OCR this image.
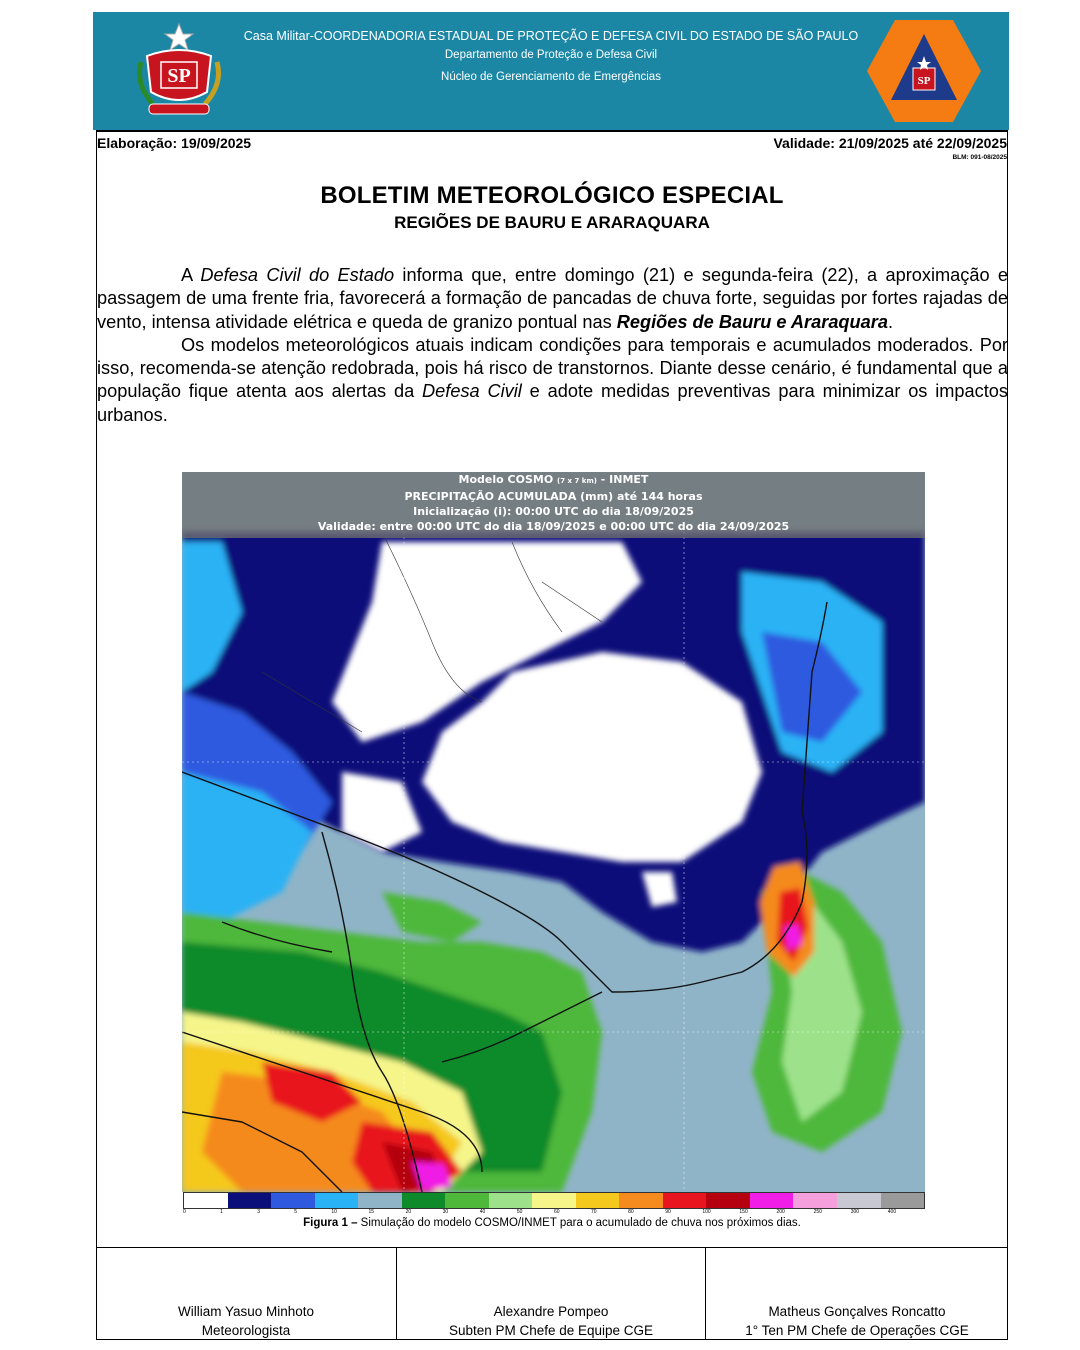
SP
Casa Militar-COORDENADORIA ESTADUAL DE PROTEÇÃO E DEFESA CIVIL DO ESTADO DE SÃO PAULO
Departamento de Proteção e Defesa Civil
Núcleo de Gerenciamento de Emergências	SP
Elaboração: 19/09/2025	Validade: 21/09/2025 até 22/09/2025
BLM: 091-08/2025
BOLETIM METEOROLÓGICO ESPECIAL
REGIÕES DE BAURU E ARARAQUARA

A Defesa Civil do Estado informa que, entre domingo (21) e segunda-feira (22), a aproximação e passagem de uma frente fria, favorecerá a formação de pancadas de chuva forte, seguidas por fortes rajadas de vento, intensa atividade elétrica e queda de granizo pontual nas Regiões de Bauru e Araraquara.

Os modelos meteorológicos atuais indicam condições para temporais e acumulados moderados. Por isso, recomenda-se atenção redobrada, pois há risco de transtornos. Diante desse cenário, é fundamental que a população fique atenta aos alertas da Defesa Civil e adote medidas preventivas para minimizar os impactos urbanos.

Modelo COSMO (7 x 7 km) - INMET
PRECIPITAÇÃO ACUMULADA (mm) até 144 horas
Inicialização (i): 00:00 UTC do dia 18/09/2025
Validade: entre 00:00 UTC do dia 18/09/2025 e 00:00 UTC do dia 24/09/2025
0	1	3	5	10	15	20	30	40	50	60	70	80	90	100	150	200	250	300	400
Figura 1 – Simulação do modelo COSMO/INMET para o acumulado de chuva nos próximos dias.
William Yasuo Minhoto
Meteorologista
Alexandre Pompeo
Subten PM Chefe de Equipe CGE
Matheus Gonçalves Roncatto
1° Ten PM Chefe de Operações CGE
